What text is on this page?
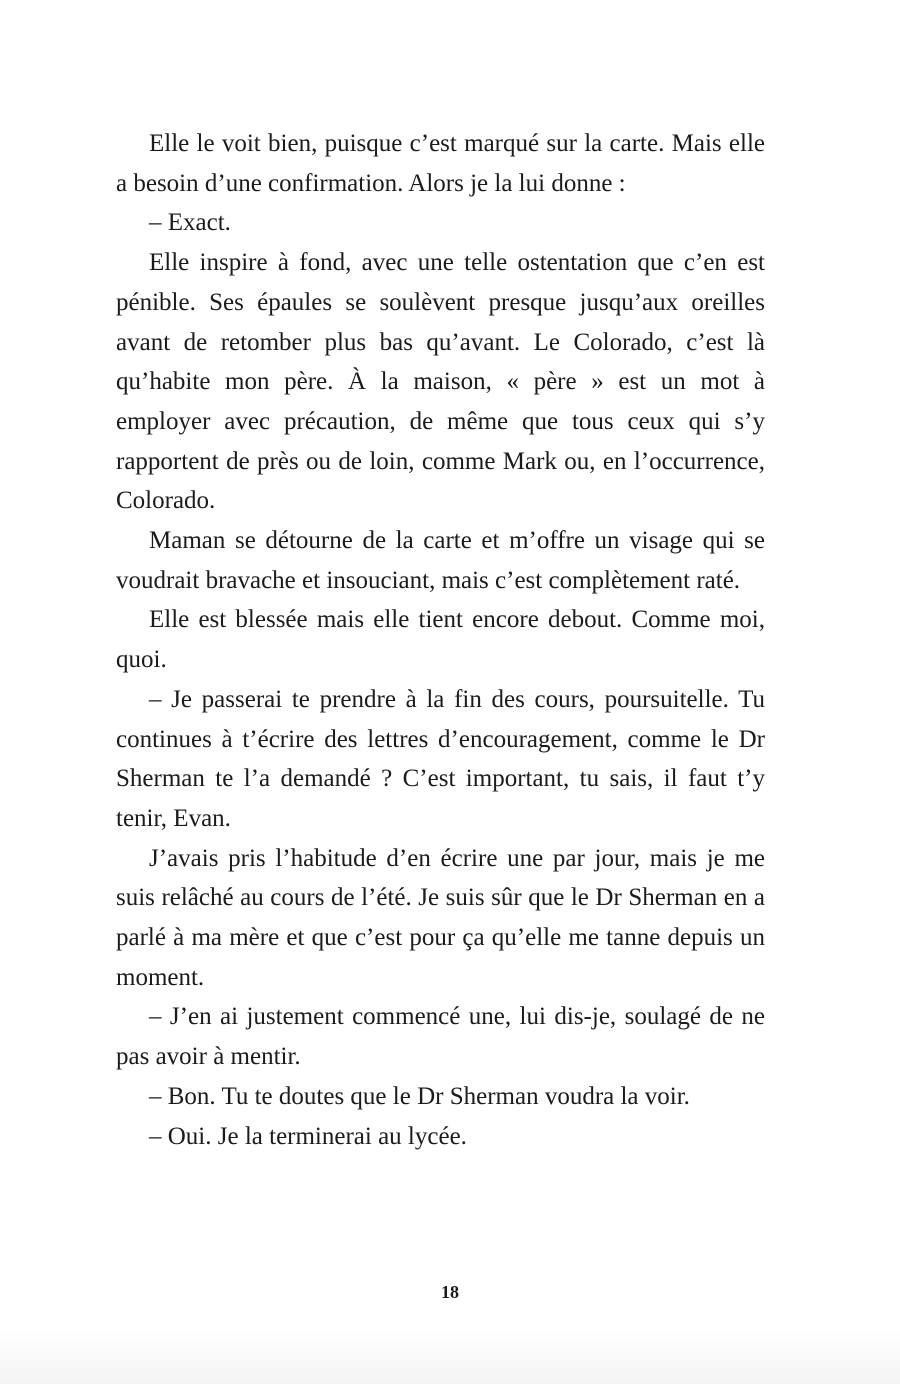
Elle le voit bien, puisque c’est marqué sur la carte. Mais elle a besoin d’une confirmation. Alors je la lui donne :

– Exact.

Elle inspire à fond, avec une telle ostentation que c’en est pénible. Ses épaules se soulèvent presque jusqu’aux oreilles avant de retomber plus bas qu’avant. Le Colorado, c’est là qu’habite mon père. À la maison, « père » est un mot à employer avec précaution, de même que tous ceux qui s’y rapportent de près ou de loin, comme Mark ou, en l’occurrence, Colorado.

Maman se détourne de la carte et m’offre un visage qui se voudrait bravache et insouciant, mais c’est complètement raté.

Elle est blessée mais elle tient encore debout. Comme moi, quoi.

– Je passerai te prendre à la fin des cours, poursuitelle. Tu continues à t’écrire des lettres d’encouragement, comme le Dr Sherman te l’a demandé ? C’est important, tu sais, il faut t’y tenir, Evan.

J’avais pris l’habitude d’en écrire une par jour, mais je me suis relâché au cours de l’été. Je suis sûr que le Dr Sherman en a parlé à ma mère et que c’est pour ça qu’elle me tanne depuis un moment.

– J’en ai justement commencé une, lui dis-je, soulagé de ne pas avoir à mentir.

– Bon. Tu te doutes que le Dr Sherman voudra la voir.

– Oui. Je la terminerai au lycée.

18
